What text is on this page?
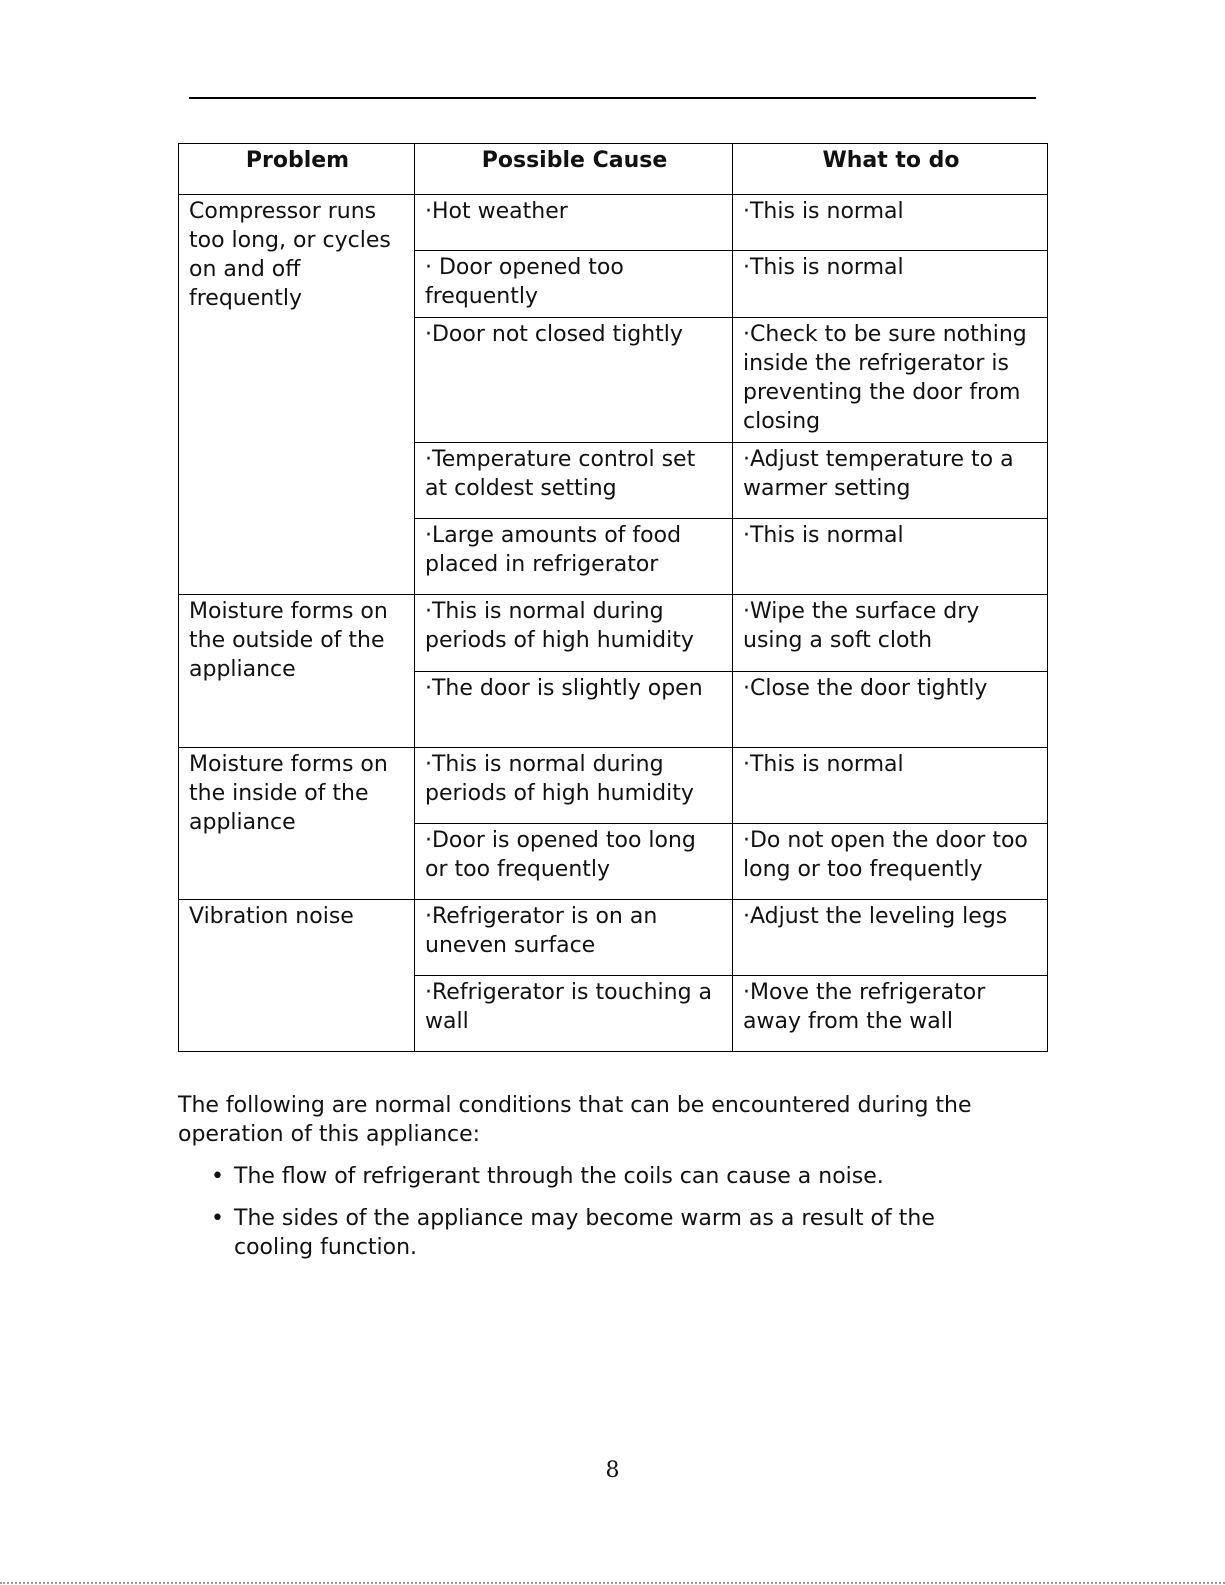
Problem	Possible Cause	What to do
Compressor runs too long, or cycles on and off frequently	·Hot weather	·This is normal
	· Door opened too frequently	·This is normal
	·Door not closed tightly	·Check to be sure nothing inside the refrigerator is preventing the door from closing
	·Temperature control set at coldest setting	·Adjust temperature to a warmer setting
	·Large amounts of food placed in refrigerator	·This is normal
Moisture forms on the outside of the appliance	·This is normal during periods of high humidity	·Wipe the surface dry using a soft cloth
	·The door is slightly open	·Close the door tightly
Moisture forms on the inside of the appliance	·This is normal during periods of high humidity	·This is normal
	·Door is opened too long or too frequently	·Do not open the door too long or too frequently
Vibration noise	·Refrigerator is on an uneven surface	·Adjust the leveling legs
	·Refrigerator is touching a wall	·Move the refrigerator away from the wall

The following are normal conditions that can be encountered during the operation of this appliance:

• The flow of refrigerant through the coils can cause a noise.
• The sides of the appliance may become warm as a result of the cooling function.
8
